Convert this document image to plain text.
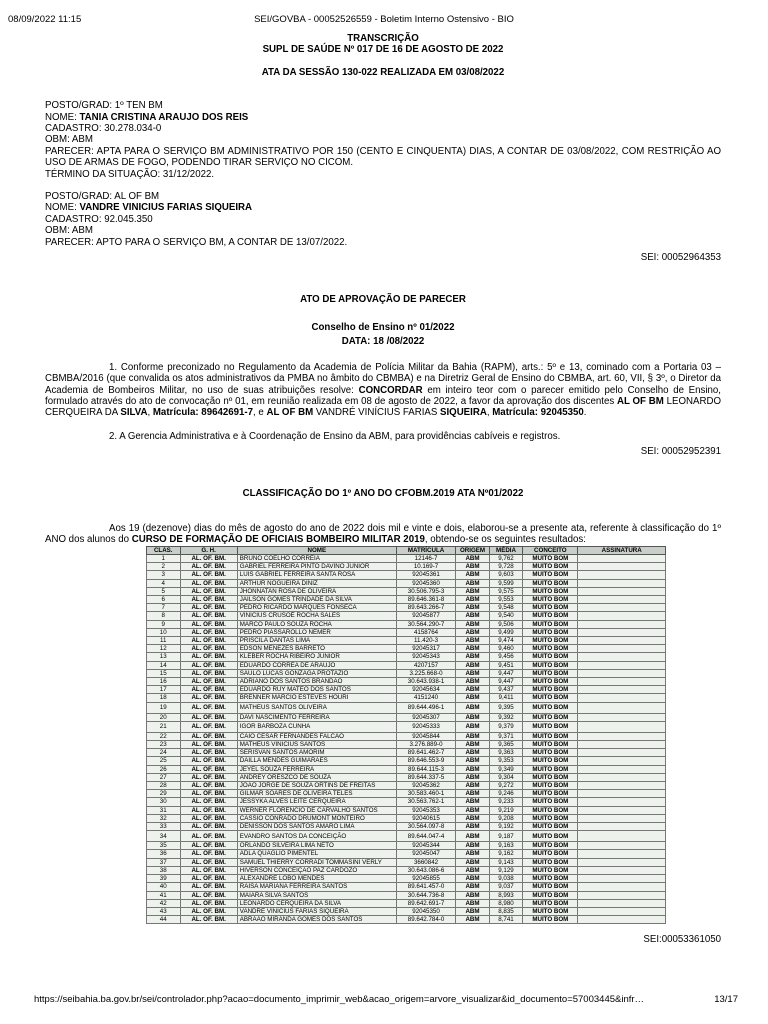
08/09/2022 11:15	SEI/GOVBA - 00052526559 - Boletim Interno Ostensivo - BIO

TRANSCRIÇÃO

SUPL DE SAÚDE Nº 017 DE 16 DE AGOSTO DE 2022

ATA DA SESSÃO 130-022 REALIZADA EM 03/08/2022

POSTO/GRAD: 1º TEN BM

NOME: TANIA CRISTINA ARAUJO DOS REIS

CADASTRO: 30.278.034-0

OBM: ABM

PARECER: APTA PARA O SERVIÇO BM ADMINISTRATIVO POR 150 (CENTO E CINQUENTA) DIAS, A CONTAR DE 03/08/2022, COM RESTRIÇÃO AO USO DE ARMAS DE FOGO, PODENDO TIRAR SERVIÇO NO CICOM.

TÉRMINO DA SITUAÇÃO: 31/12/2022.

POSTO/GRAD: AL OF BM

NOME: VANDRE VINICIUS FARIAS SIQUEIRA

CADASTRO: 92.045.350

OBM: ABM

PARECER: APTO PARA O SERVIÇO BM, A CONTAR DE 13/07/2022.

SEI: 00052964353

ATO DE APROVAÇÃO DE PARECER

Conselho de Ensino nº 01/2022

DATA: 18 /08/2022

1. Conforme preconizado no Regulamento da Academia de Polícia Militar da Bahia (RAPM), arts.: 5º e 13, cominado com a Portaria 03 – CBMBA/2016 (que convalida os atos administrativos da PMBA no âmbito do CBMBA) e na Diretriz Geral de Ensino do CBMBA, art. 60, VII, § 3º, o Diretor da Academia de Bombeiros Militar, no uso de suas atribuições resolve: CONCORDAR em inteiro teor com o parecer emitido pelo Conselho de Ensino, formulado através do ato de convocação nº 01, em reunião realizada em 08 de agosto de 2022, a favor da aprovação dos discentes AL OF BM LEONARDO CERQUEIRA DA SILVA, Matrícula: 89642691-7, e AL OF BM VANDRÉ VINÍCIUS FARIAS SIQUEIRA, Matrícula: 92045350.

2. A Gerencia Administrativa e à Coordenação de Ensino da ABM, para providências cabíveis e registros.

SEI: 00052952391

CLASSIFICAÇÃO DO 1º ANO DO CFOBM.2019 ATA Nº01/2022

Aos 19 (dezenove) dias do mês de agosto do ano de 2022 dois mil e vinte e dois, elaborou-se a presente ata, referente à classificação do 1º ANO dos alunos do CURSO DE FORMAÇÃO DE OFICIAIS BOMBEIRO MILITAR 2019, obtendo-se os seguintes resultados:

CLAS.	G. H.	NOME	MATRÍCULA	ORIGEM	MÉDIA	CONCEITO	ASSINATURA
1	AL. OF. BM.	BRUNO COELHO CORREIA	12146-7	ABM	9,762	MUITO BOM	
2	AL. OF. BM.	GABRIEL FERREIRA PINTO DAVINO JUNIOR	10.169-7	ABM	9,728	MUITO BOM	
3	AL. OF. BM.	LUIS GABRIEL FERREIRA SANTA ROSA	92045361	ABM	9,603	MUITO BOM	
4	AL. OF. BM.	ARTHUR NOGUEIRA DINIZ	92045360	ABM	9,599	MUITO BOM	
5	AL. OF. BM.	JHONNATAN ROSA DE OLIVEIRA	30.506.795-3	ABM	9,575	MUITO BOM	
6	AL. OF. BM.	JAILSON GOMES TRINDADE DA SILVA	89.646.361-8	ABM	9,553	MUITO BOM	
7	AL. OF. BM.	PEDRO RICARDO MARQUES FONSECA	89.643.266-7	ABM	9,548	MUITO BOM	
8	AL. OF. BM.	VINICIUS CRUSOÉ ROCHA SALES	92045877	ABM	9,540	MUITO BOM	
9	AL. OF. BM.	MARCO PAULO SOUZA ROCHA	30.564.290-7	ABM	9,506	MUITO BOM	
10	AL. OF. BM.	PEDRO PIASSAROLLO NEMER	4158764	ABM	9,499	MUITO BOM	
11	AL. OF. BM.	PRISCILA DANTAS LIMA	11.420-3	ABM	9,474	MUITO BOM	
12	AL. OF. BM.	EDSON MENEZES BARRETO	92045317	ABM	9,460	MUITO BOM	
13	AL. OF. BM.	KLEBER ROCHA RIBEIRO JUNIOR	92045343	ABM	9,456	MUITO BOM	
14	AL. OF. BM.	EDUARDO CORREA DE ARAUJO	4207157	ABM	9,451	MUITO BOM	
15	AL. OF. BM.	SAULO LUCAS GONZAGA PROTAZIO	3.225.668-0	ABM	9,447	MUITO BOM	
16	AL. OF. BM.	ADRIANO DOS SANTOS BRANDAO	30.643.938-1	ABM	9,447	MUITO BOM	
17	AL. OF. BM.	EDUARDO RUY MATEO DOS SANTOS	92045634	ABM	9,437	MUITO BOM	
18	AL. OF. BM.	BRENNER MARCIO ESTEVES HOURI	4151240	ABM	9,411	MUITO BOM	
19	AL. OF. BM.	MATHEUS SANTOS OLIVEIRA	89.644.496-1	ABM	9,395	MUITO BOM	
20	AL. OF. BM.	DAVI NASCIMENTO FERREIRA	92045307	ABM	9,392	MUITO BOM	
21	AL. OF. BM.	IGOR BARBOZA CUNHA	92045333	ABM	9,379	MUITO BOM	
22	AL. OF. BM.	CAIO CESAR FERNANDES FALCÃO	92045844	ABM	9,371	MUITO BOM	
23	AL. OF. BM.	MATHEUS VINICIUS SANTOS	3.276.889-0	ABM	9,365	MUITO BOM	
24	AL. OF. BM.	SERISVAN SANTOS AMORIM	89.641.462-7	ABM	9,363	MUITO BOM	
25	AL. OF. BM.	DAILLA MENDES GUIMARAES	89.646.553-9	ABM	9,353	MUITO BOM	
26	AL. OF. BM.	JEYEL SOUZA FERREIRA	89.644.115-3	ABM	9,349	MUITO BOM	
27	AL. OF. BM.	ANDREY ORESZCO DE SOUZA	89.644.337-5	ABM	9,304	MUITO BOM	
28	AL. OF. BM.	JOÃO JORGE DE SOUZA ORTINS DE FREITAS	92045362	ABM	9,272	MUITO BOM	
29	AL. OF. BM.	GILMAR SOARES DE OLIVEIRA TELES	30.583.460-1	ABM	9,246	MUITO BOM	
30	AL. OF. BM.	JESSYKA ALVES LEITE CERQUEIRA	30.563.762-1	ABM	9,233	MUITO BOM	
31	AL. OF. BM.	WERNER FLORENCIO DE CARVALHO SANTOS	92045353	ABM	9,219	MUITO BOM	
32	AL. OF. BM.	CASSIO CONRADO DRUMONT MONTEIRO	92040615	ABM	9,208	MUITO BOM	
33	AL. OF. BM.	DENISSON DOS SANTOS AMARO LIMA	30.564.097-8	ABM	9,192	MUITO BOM	
34	AL. OF. BM.	EVANDRO SANTOS DA CONCEIÇÃO	89.644.047-4	ABM	9,187	MUITO BOM	
35	AL. OF. BM.	ORLANDO SILVEIRA LIMA NETO	92045344	ABM	9,163	MUITO BOM	
36	AL. OF. BM.	ADLA QUAGLIO PIMENTEL	92045047	ABM	9,162	MUITO BOM	
37	AL. OF. BM.	SAMUEL THIERRY CORRADI TOMMASINI VERLY	3660842	ABM	9,143	MUITO BOM	
38	AL. OF. BM.	HIVERSON CONCEIÇÃO PAZ CARDOZO	30.643.086-6	ABM	9,129	MUITO BOM	
39	AL. OF. BM.	ALEXANDRE LOBO MENDES	92045855	ABM	9,038	MUITO BOM	
40	AL. OF. BM.	RAISA MARIANA FERREIRA SANTOS	89.641.457-0	ABM	9,037	MUITO BOM	
41	AL. OF. BM.	MAIARA SILVA SANTOS	30.644.736-8	ABM	8,993	MUITO BOM	
42	AL. OF. BM.	LEONARDO CERQUEIRA DA SILVA	89.642.691-7	ABM	8,980	MUITO BOM	
43	AL. OF. BM.	VANDRE VINICIUS FARIAS SIQUEIRA	92045350	ABM	8,835	MUITO BOM	
44	AL. OF. BM.	ABRAÃO MIRANDA GOMES DOS SANTOS	89.642.784-0	ABM	8,741	MUITO BOM	

SEI:00053361050

https://seibahia.ba.gov.br/sei/controlador.php?acao=documento_imprimir_web&acao_origem=arvore_visualizar&id_documento=57003445&infr…	13/17
